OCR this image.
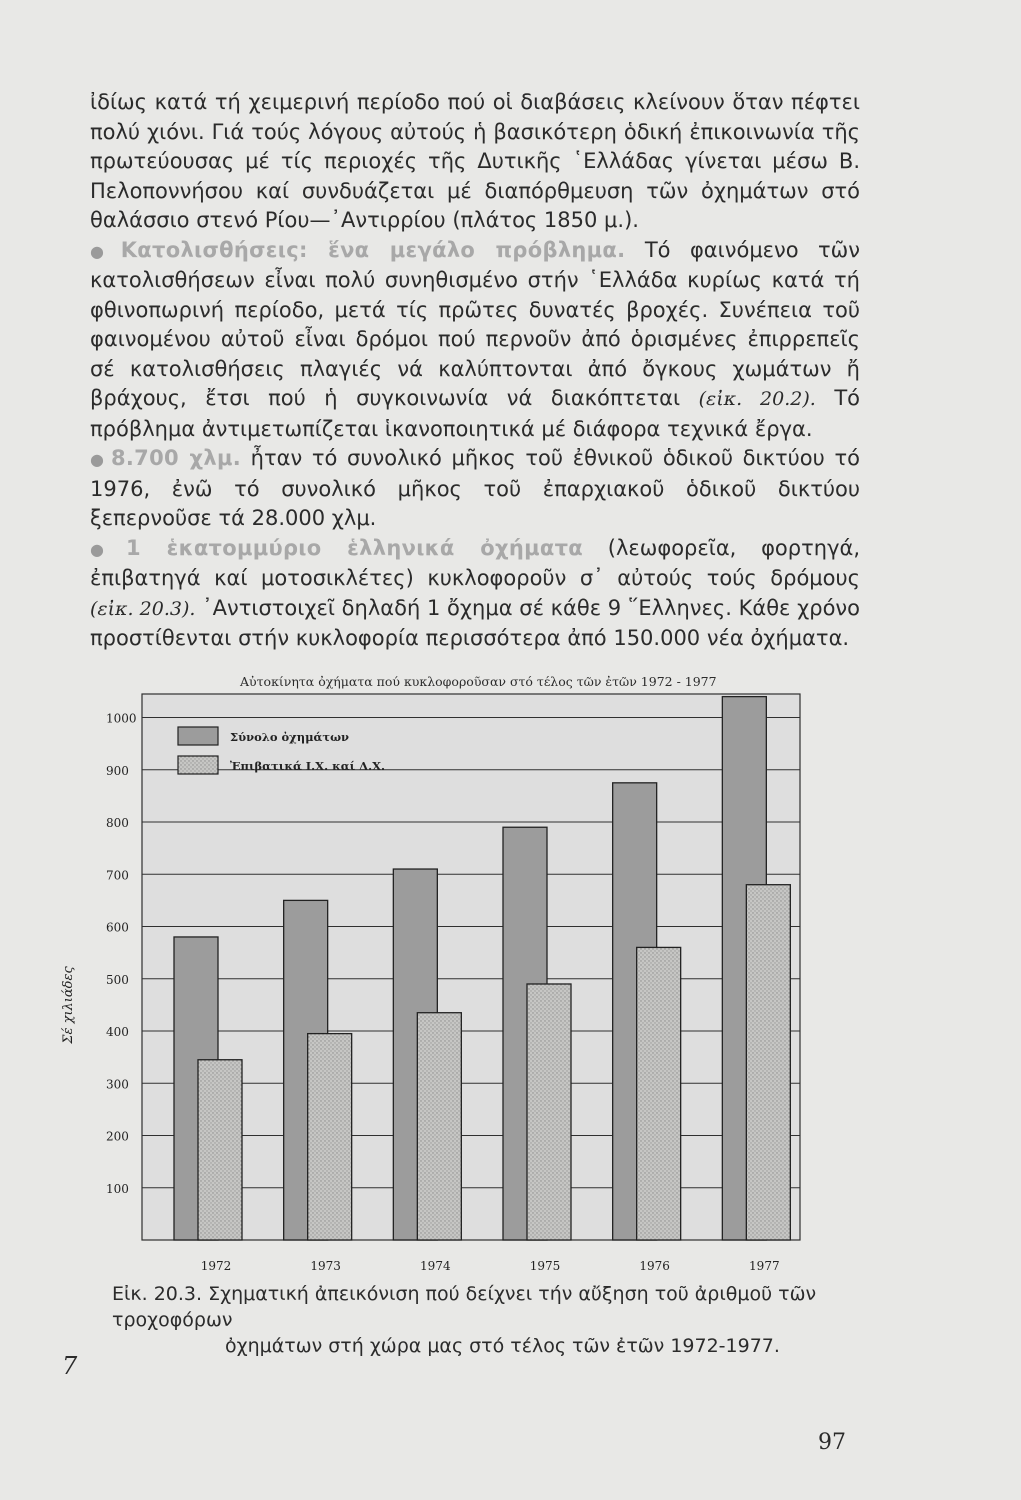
ἰδίως κατά τή χειμερινή περίοδο πού οἱ διαβάσεις κλείνουν ὅταν πέφτει πολύ χιόνι. Γιά τούς λόγους αὐτούς ἡ βασικότερη ὁδική ἐπικοινωνία τῆς πρωτεύουσας μέ τίς περιοχές τῆς Δυτικῆς ῾Ελλάδας γίνεται μέσω Β. Πελοποννήσου καί συνδυάζεται μέ διαπόρθμευση τῶν ὀχημάτων στό θαλάσσιο στενό Ρίου—᾿Αντιρρίου (πλάτος 1850 μ.).

● Κατολισθήσεις: ἕνα μεγάλο πρόβλημα. Τό φαινόμενο τῶν κατολισθήσεων εἶναι πολύ συνηθισμένο στήν ῾Ελλάδα κυρίως κατά τή φθινοπωρινή περίοδο, μετά τίς πρῶτες δυνατές βροχές. Συνέπεια τοῦ φαινομένου αὐτοῦ εἶναι δρόμοι πού περνοῦν ἀπό ὁρισμένες ἐπιρρεπεῖς σέ κατολισθήσεις πλαγιές νά καλύπτονται ἀπό ὄγκους χωμάτων ἤ βράχους, ἔτσι πού ἡ συγκοινωνία νά διακόπτεται (εἰκ. 20.2). Τό πρόβλημα ἀντιμετωπίζεται ἱκανοποιητικά μέ διάφορα τεχνικά ἔργα.

● 8.700 χλμ. ἦταν τό συνολικό μῆκος τοῦ ἐθνικοῦ ὁδικοῦ δικτύου τό 1976, ἐνῶ τό συνολικό μῆκος τοῦ ἐπαρχιακοῦ ὁδικοῦ δικτύου ξεπερνοῦσε τά 28.000 χλμ.

● 1 ἑκατομμύριο ἑλληνικά ὀχήματα (λεωφορεῖα, φορτηγά, ἐπιβατηγά καί μοτοσικλέτες) κυκλοφοροῦν σ᾿ αὐτούς τούς δρόμους (εἰκ. 20.3). ᾿Αντιστοιχεῖ δηλαδή 1 ὄχημα σέ κάθε 9 ῞Ελληνες. Κάθε χρόνο προστίθενται στήν κυκλοφορία περισσότερα ἀπό 150.000 νέα ὀχήματα.

Αὐτοκίνητα ὀχήματα πού κυκλοφοροῦσαν στό τέλος τῶν ἐτῶν 1972 - 1977
100
200
300
400
500
600
700
800
900
1000
1972	1973	1974	1975	1976	1977
Σύνολο ὀχημάτων
Ἐπιβατικά Ι.Χ. καί Δ.Χ.
Σέ χιλιάδες
Εἰκ. 20.3. Σχηματική ἀπεικόνιση πού δείχνει τήν αὔξηση τοῦ ἀριθμοῦ τῶν τροχοφόρων
ὀχημάτων στή χώρα μας στό τέλος τῶν ἐτῶν 1972-1977.
7
97
